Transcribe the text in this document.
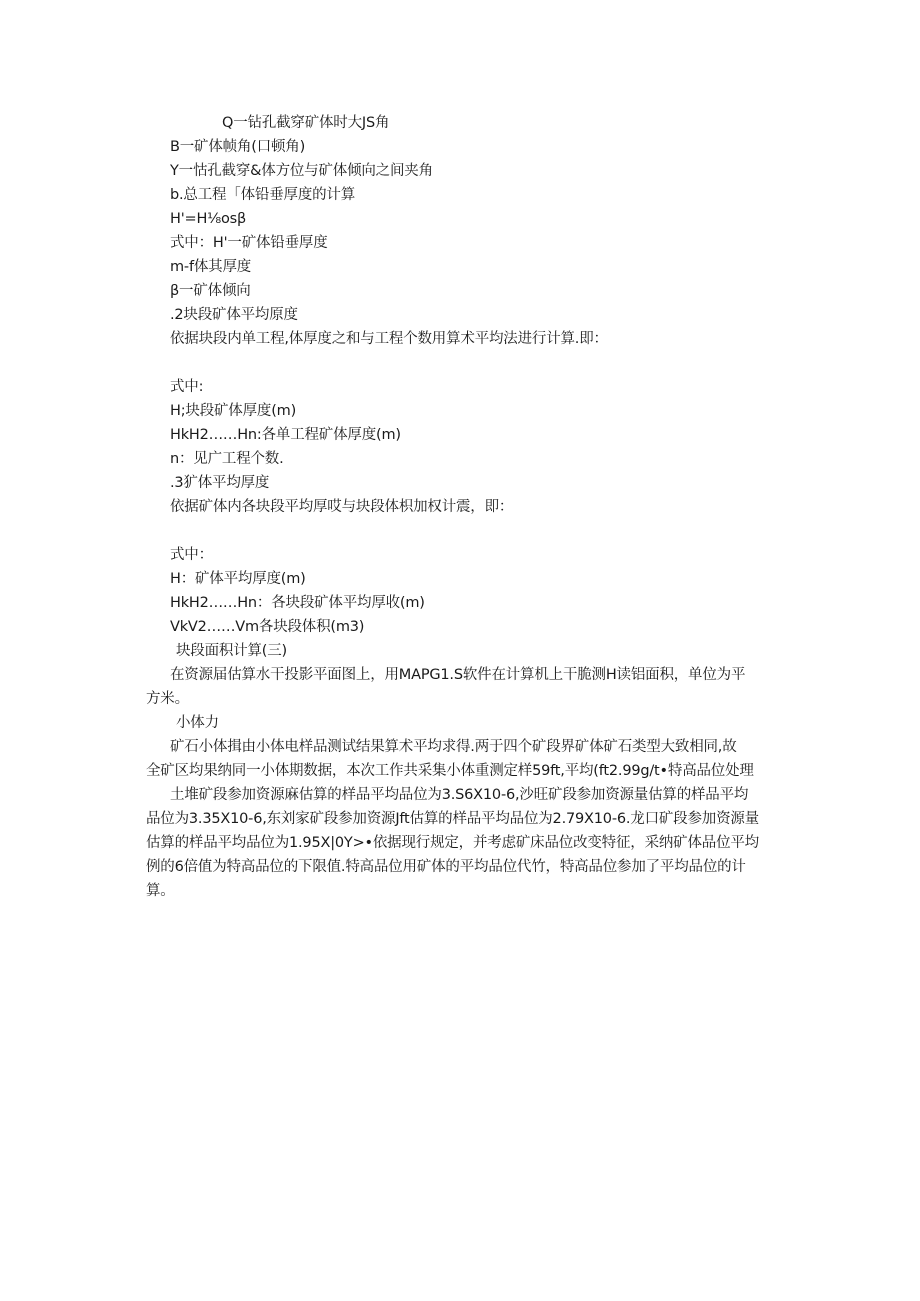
Q一钻孔截穿矿体时大JS角
B一矿体帧角(口顿角)
Y一怙孔截穿&体方位与矿体倾向之间夹角
b.总工程「体铅垂厚度的计算
H'=H⅛osβ
式中：H'一矿体铅垂厚度
m-f体其厚度
β一矿体倾向
.2块段矿体平均原度
依据块段内单工程,体厚度之和与工程个数用算术平均法进行计算.即：
式中:
H;块段矿体厚度(m)
HkH2……Hn:各单工程矿体厚度(m)
n：见广工程个数.
.3犷体平均厚度
依据矿体内各块段平均厚哎与块段体枳加权计震，即：
式中：
H：矿体平均厚度(m)
HkH2……Hn：各块段矿体平均厚收(m)
VkV2……Vm各块段体积(m3)
块段面积计算(三)
在资源届估算水干投影平面图上，用MAPG1.S软件在计算机上干脆测H读铝面积，单位为平
方米。
小体力
矿石小体揖由小体电样品测试结果算术平均求得.两于四个矿段界矿体矿石类型大致相同,故
全矿区均果纳同一小体期数据，本次工作共采集小体重测定样59ft,平均(ft2.99g/t•特高品位处理
土堆矿段参加资源麻估算的样品平均品位为3.S6X10-6,沙旺矿段参加资源量估算的样品平均
品位为3.35X10-6,东刘家矿段参加资源Jft估算的样品平均品位为2.79X10-6.龙口矿段参加资源量
估算的样品平均品位为1.95X|0Y>•依据现行规定，并考虑矿床品位改变特征，采纳矿体品位平均
例的6倍值为特高品位的下限值.特高品位用矿体的平均品位代竹，特高品位参加了平均品位的计
算。
